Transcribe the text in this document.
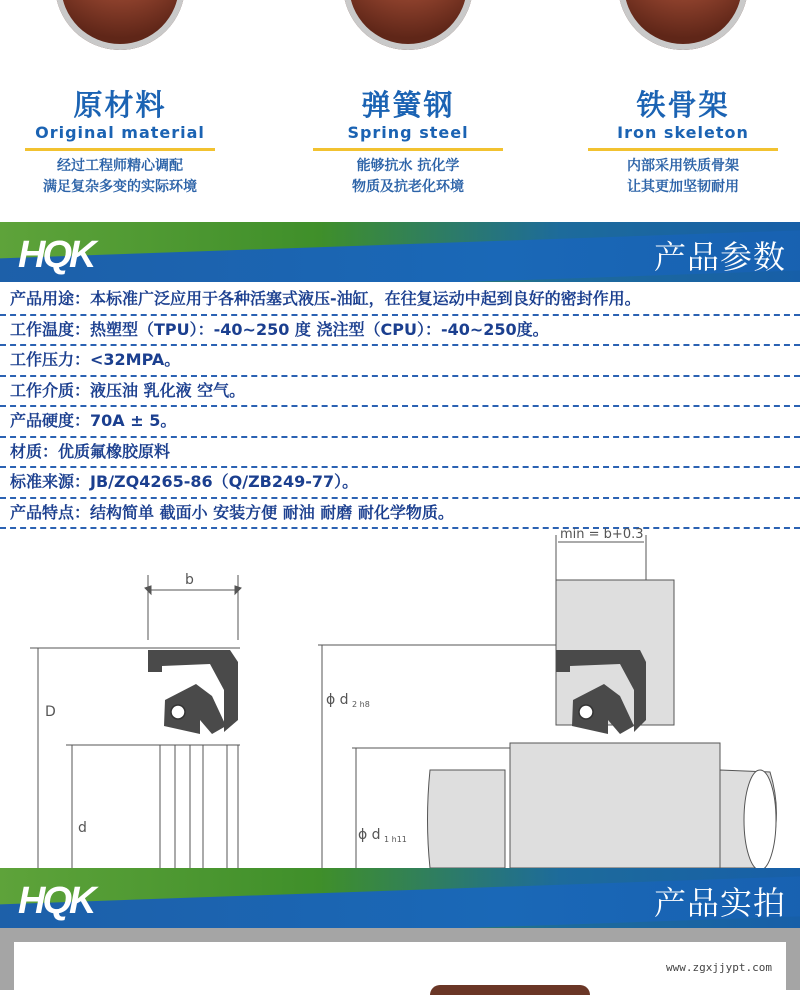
原材料
Original material
经过工程师精心调配
满足复杂多变的实际环境
弹簧钢
Spring steel
能够抗水 抗化学
物质及抗老化环境
铁骨架
Iron skeleton
内部采用铁质骨架
让其更加坚韧耐用
HQK	产品参数
产品用途：本标准广泛应用于各种活塞式液压-油缸，在往复运动中起到良好的密封作用。
工作温度：热塑型（TPU）：-40~250 度 浇注型（CPU）：-40~250度。
工作压力：<32MPA。
工作介质：液压油 乳化液 空气。
产品硬度：70A ± 5。
材质：优质氟橡胶原料
标准来源：JB/ZQ4265-86（Q/ZB249-77）。
产品特点：结构简单 截面小 安装方便 耐油 耐磨 耐化学物质。
b
D
d
min = b+0.3
ϕ d 2 h8
ϕ d 1 h11
HQK	产品实拍
www.zgxjjypt.com
